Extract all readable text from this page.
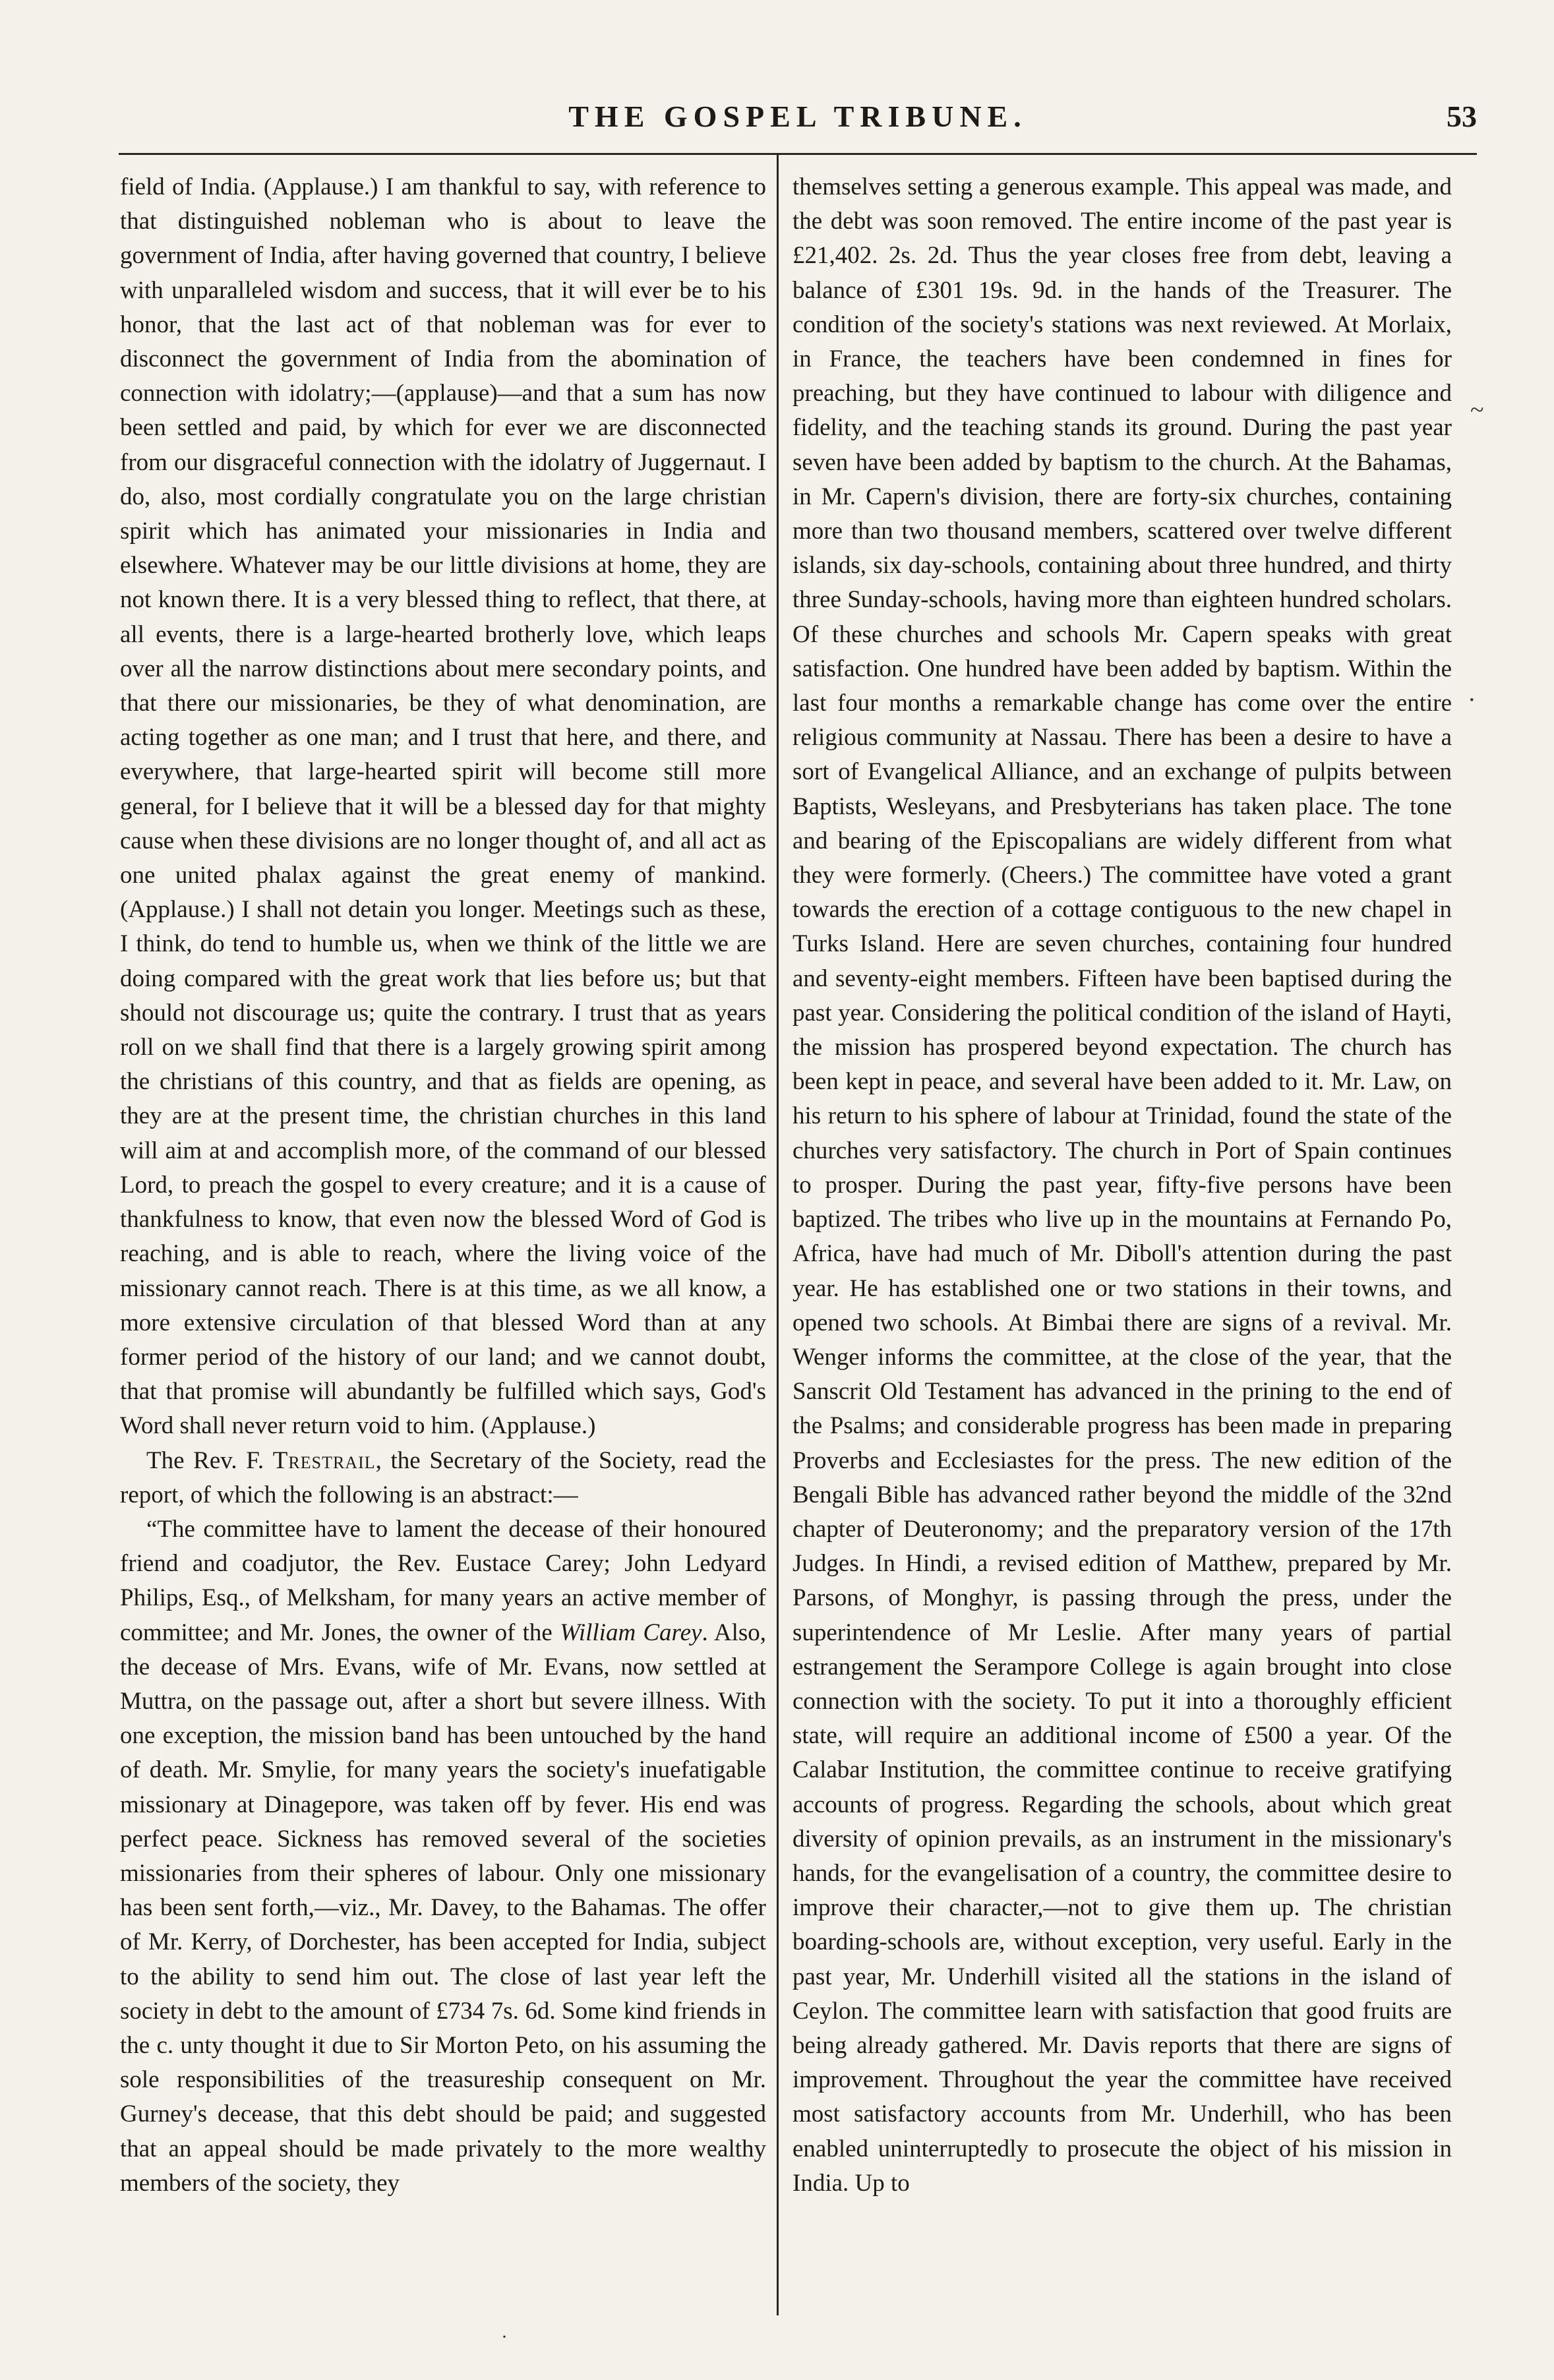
THE GOSPEL TRIBUNE.	53

field of India. (Applause.) I am thankful to say, with reference to that distinguished nobleman who is about to leave the government of India, after having governed that country, I believe with unparalleled wisdom and success, that it will ever be to his honor, that the last act of that nobleman was for ever to disconnect the government of India from the abomination of connection with idolatry;—(applause)—and that a sum has now been settled and paid, by which for ever we are disconnected from our disgraceful connection with the idolatry of Juggernaut. I do, also, most cordially congratulate you on the large christian spirit which has animated your missionaries in India and elsewhere. Whatever may be our little divisions at home, they are not known there. It is a very blessed thing to reflect, that there, at all events, there is a large-hearted brotherly love, which leaps over all the narrow distinctions about mere secondary points, and that there our missionaries, be they of what denomination, are acting together as one man; and I trust that here, and there, and everywhere, that large-hearted spirit will become still more general, for I believe that it will be a blessed day for that mighty cause when these divisions are no longer thought of, and all act as one united phalax against the great enemy of mankind. (Applause.) I shall not detain you longer. Meetings such as these, I think, do tend to humble us, when we think of the little we are doing compared with the great work that lies before us; but that should not discourage us; quite the contrary. I trust that as years roll on we shall find that there is a largely growing spirit among the christians of this country, and that as fields are opening, as they are at the present time, the christian churches in this land will aim at and accomplish more, of the command of our blessed Lord, to preach the gospel to every creature; and it is a cause of thankfulness to know, that even now the blessed Word of God is reaching, and is able to reach, where the living voice of the missionary cannot reach. There is at this time, as we all know, a more extensive circulation of that blessed Word than at any former period of the history of our land; and we cannot doubt, that that promise will abundantly be fulfilled which says, God's Word shall never return void to him. (Applause.)

The Rev. F. Trestrail, the Secretary of the Society, read the report, of which the following is an abstract:—

“The committee have to lament the decease of their honoured friend and coadjutor, the Rev. Eustace Carey; John Ledyard Philips, Esq., of Melksham, for many years an active member of committee; and Mr. Jones, the owner of the William Carey. Also, the decease of Mrs. Evans, wife of Mr. Evans, now settled at Muttra, on the passage out, after a short but severe illness. With one exception, the mission band has been untouched by the hand of death. Mr. Smylie, for many years the society's inuefatigable missionary at Dinagepore, was taken off by fever. His end was perfect peace. Sickness has removed several of the societies missionaries from their spheres of labour. Only one missionary has been sent forth,—viz., Mr. Davey, to the Bahamas. The offer of Mr. Kerry, of Dorchester, has been accepted for India, subject to the ability to send him out. The close of last year left the society in debt to the amount of £734 7s. 6d. Some kind friends in the c. unty thought it due to Sir Morton Peto, on his assuming the sole responsibilities of the treasureship consequent on Mr. Gurney's decease, that this debt should be paid; and suggested that an appeal should be made privately to the more wealthy members of the society, they

themselves setting a generous example. This appeal was made, and the debt was soon removed. The entire income of the past year is £21,402. 2s. 2d. Thus the year closes free from debt, leaving a balance of £301 19s. 9d. in the hands of the Treasurer. The condition of the society's stations was next reviewed. At Morlaix, in France, the teachers have been condemned in fines for preaching, but they have continued to labour with diligence and fidelity, and the teaching stands its ground. During the past year seven have been added by baptism to the church. At the Bahamas, in Mr. Capern's division, there are forty-six churches, containing more than two thousand members, scattered over twelve different islands, six day-schools, containing about three hundred, and thirty three Sunday-schools, having more than eighteen hundred scholars. Of these churches and schools Mr. Capern speaks with great satisfaction. One hundred have been added by baptism. Within the last four months a remarkable change has come over the entire religious community at Nassau. There has been a desire to have a sort of Evangelical Alliance, and an exchange of pulpits between Baptists, Wesleyans, and Presbyterians has taken place. The tone and bearing of the Episcopalians are widely different from what they were formerly. (Cheers.) The committee have voted a grant towards the erection of a cottage contiguous to the new chapel in Turks Island. Here are seven churches, containing four hundred and seventy-eight members. Fifteen have been baptised during the past year. Considering the political condition of the island of Hayti, the mission has prospered beyond expectation. The church has been kept in peace, and several have been added to it. Mr. Law, on his return to his sphere of labour at Trinidad, found the state of the churches very satisfactory. The church in Port of Spain continues to prosper. During the past year, fifty-five persons have been baptized. The tribes who live up in the mountains at Fernando Po, Africa, have had much of Mr. Diboll's attention during the past year. He has established one or two stations in their towns, and opened two schools. At Bimbai there are signs of a revival. Mr. Wenger informs the committee, at the close of the year, that the Sanscrit Old Testament has advanced in the prining to the end of the Psalms; and considerable progress has been made in preparing Proverbs and Ecclesiastes for the press. The new edition of the Bengali Bible has advanced rather beyond the middle of the 32nd chapter of Deuteronomy; and the preparatory version of the 17th Judges. In Hindi, a revised edition of Matthew, prepared by Mr. Parsons, of Monghyr, is passing through the press, under the superintendence of Mr Leslie. After many years of partial estrangement the Serampore College is again brought into close connection with the society. To put it into a thoroughly efficient state, will require an additional income of £500 a year. Of the Calabar Institution, the committee continue to receive gratifying accounts of progress. Regarding the schools, about which great diversity of opinion prevails, as an instrument in the missionary's hands, for the evangelisation of a country, the committee desire to improve their character,—not to give them up. The christian boarding-schools are, without exception, very useful. Early in the past year, Mr. Underhill visited all the stations in the island of Ceylon. The committee learn with satisfaction that good fruits are being already gathered. Mr. Davis reports that there are signs of improvement. Throughout the year the committee have received most satisfactory accounts from Mr. Underhill, who has been enabled uninterruptedly to prosecute the object of his mission in India. Up to

~
·
·
